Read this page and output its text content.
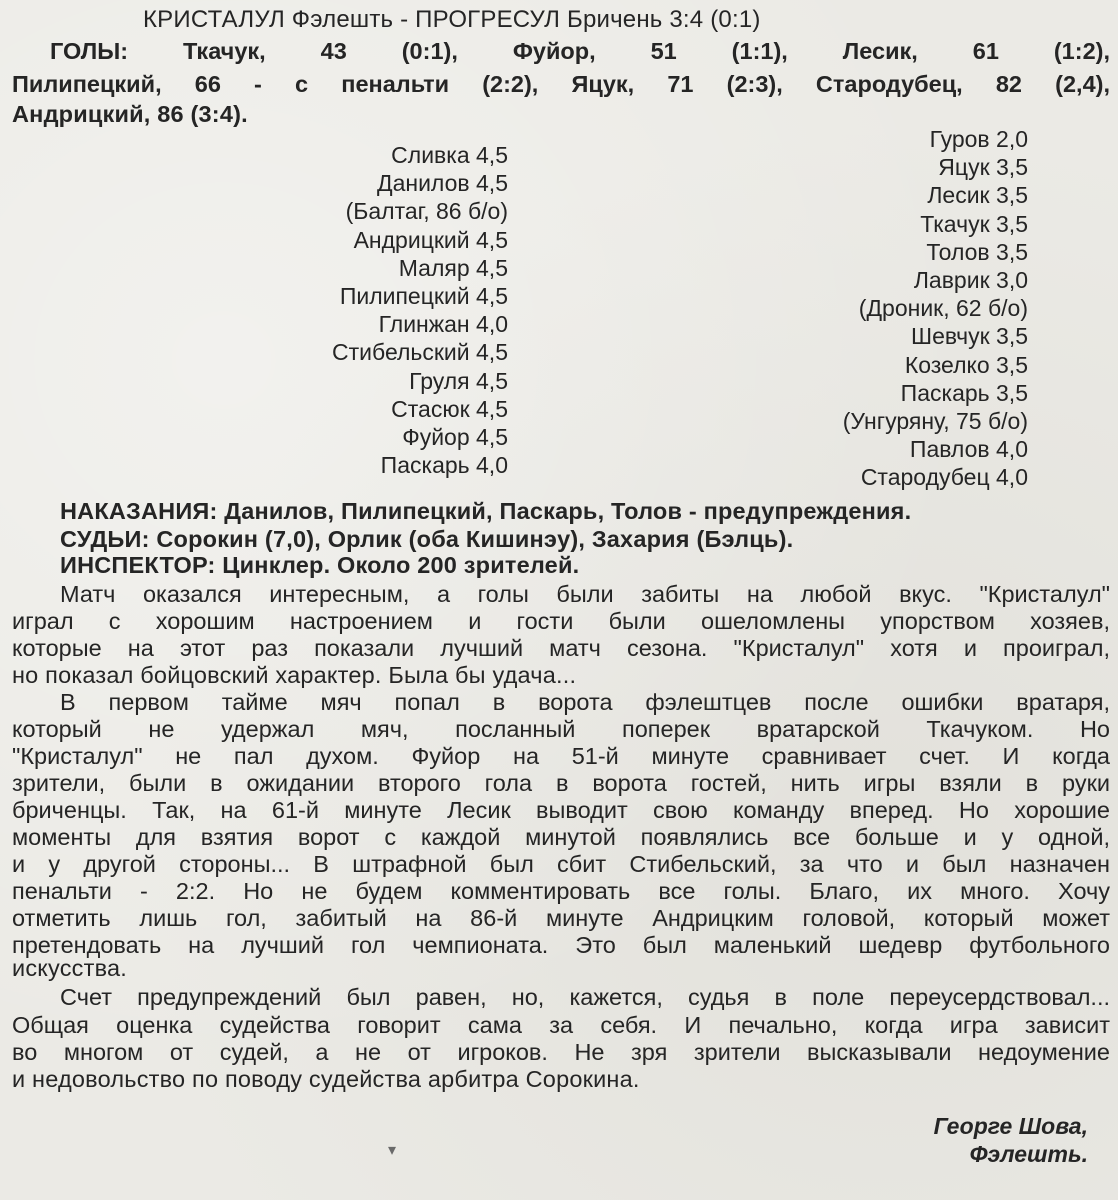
КРИСТАЛУЛ Фэлешть - ПРОГРЕСУЛ Бричень 3:4 (0:1)
ГОЛЫ: Ткачук, 43 (0:1), Фуйор, 51 (1:1), Лесик, 61 (1:2),
Пилипецкий, 66 - с пенальти (2:2), Яцук, 71 (2:3), Стародубец, 82 (2,4),
Андрицкий, 86 (3:4).
Сливка 4,5
Данилов 4,5
(Балтаг, 86 б/о)
Андрицкий 4,5
Маляр 4,5
Пилипецкий 4,5
Глинжан 4,0
Стибельский 4,5
Груля 4,5
Стасюк 4,5
Фуйор 4,5
Паскарь 4,0
Гуров 2,0
Яцук 3,5
Лесик 3,5
Ткачук 3,5
Толов 3,5
Лаврик 3,0
(Дроник, 62 б/о)
Шевчук 3,5
Козелко 3,5
Паскарь 3,5
(Унгуряну, 75 б/о)
Павлов 4,0
Стародубец 4,0
НАКАЗАНИЯ: Данилов, Пилипецкий, Паскарь, Толов - предупреждения.
СУДЬИ: Сорокин (7,0), Орлик (оба Кишинэу), Захария (Бэлць).
ИНСПЕКТОР: Цинклер. Около 200 зрителей.
Матч оказался интересным, а голы были забиты на любой вкус. "Кристалул"
играл с хорошим настроением и гости были ошеломлены упорством хозяев,
которые на этот раз показали лучший матч сезона. "Кристалул" хотя и проиграл,
но показал бойцовский характер. Была бы удача...
В первом тайме мяч попал в ворота фэлештцев после ошибки вратаря,
который не удержал мяч, посланный поперек вратарской Ткачуком. Но
"Кристалул" не пал духом. Фуйор на 51-й минуте сравнивает счет. И когда
зрители, были в ожидании второго гола в ворота гостей, нить игры взяли в руки
бриченцы. Так, на 61-й минуте Лесик выводит свою команду вперед. Но хорошие
моменты для взятия ворот с каждой минутой появлялись все больше и у одной,
и у другой стороны... В штрафной был сбит Стибельский, за что и был назначен
пенальти - 2:2. Но не будем комментировать все голы. Благо, их много. Хочу
отметить лишь гол, забитый на 86-й минуте Андрицким головой, который может
претендовать на лучший гол чемпионата. Это был маленький шедевр футбольного
искусства.
Счет предупреждений был равен, но, кажется, судья в поле переусердствовал...
Общая оценка судейства говорит сама за себя. И печально, когда игра зависит
во многом от судей, а не от игроков. Не зря зрители высказывали недоумение
и недовольство по поводу судейства арбитра Сорокина.
Георге Шова,
Фэлешть.
▾
